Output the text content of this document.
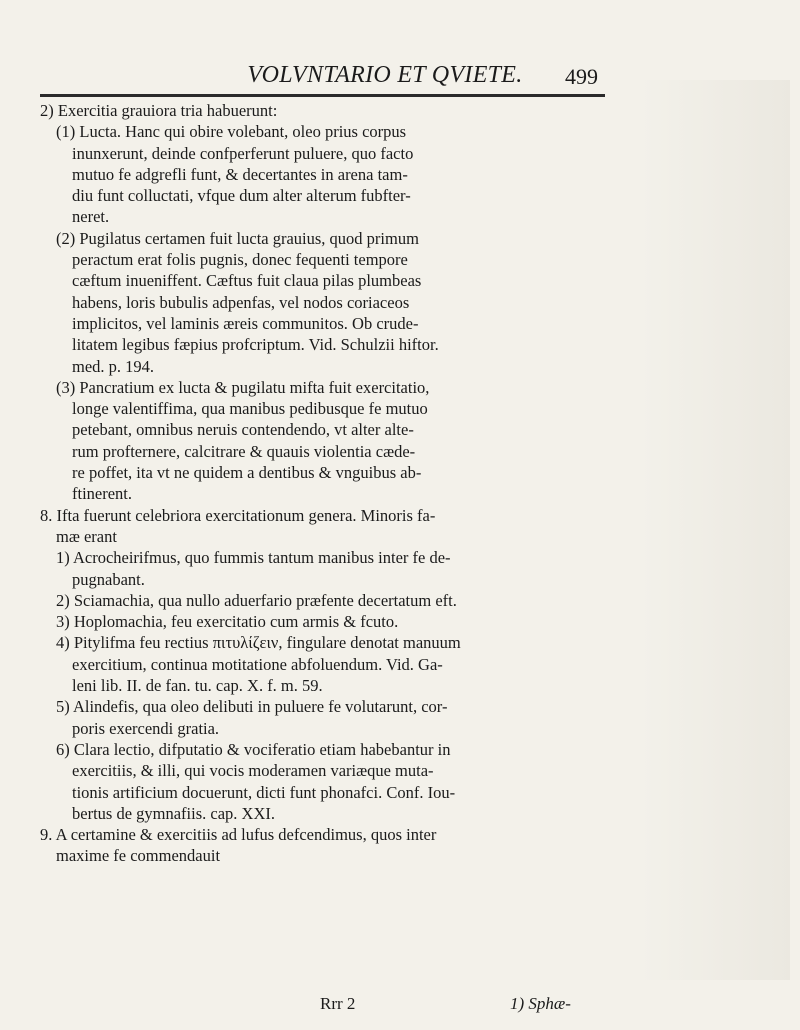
VOLVNTARIO ET QVIETE.	499
2) Exercitia grauiora tria habuerunt:
(1) Lucta. Hanc qui obire volebant, oleo prius corpus
inunxerunt, deinde confperferunt puluere, quo facto
mutuo fe adgrefli funt, & decertantes in arena tam-
diu funt colluctati, vfque dum alter alterum fubfter-
neret.
(2) Pugilatus certamen fuit lucta grauius, quod primum
peractum erat folis pugnis, donec fequenti tempore
cæftum inueniffent. Cæftus fuit claua pilas plumbeas
habens, loris bubulis adpenfas, vel nodos coriaceos
implicitos, vel laminis æreis communitos. Ob crude-
litatem legibus fæpius profcriptum. Vid. Schulzii hiftor.
med. p. 194.
(3) Pancratium ex lucta & pugilatu mifta fuit exercitatio,
longe valentiffima, qua manibus pedibusque fe mutuo
petebant, omnibus neruis contendendo, vt alter alte-
rum profternere, calcitrare & quauis violentia cæde-
re poffet, ita vt ne quidem a dentibus & vnguibus ab-
ftinerent.
8. Ifta fuerunt celebriora exercitationum genera. Minoris fa-
mæ erant
1) Acrocheirifmus, quo fummis tantum manibus inter fe de-
pugnabant.
2) Sciamachia, qua nullo aduerfario præfente decertatum eft.
3) Hoplomachia, feu exercitatio cum armis & fcuto.
4) Pitylifma feu rectius πιτυλίζειν, fingulare denotat manuum
exercitium, continua motitatione abfoluendum. Vid. Ga-
leni lib. II. de fan. tu. cap. X. f. m. 59.
5) Alindefis, qua oleo delibuti in puluere fe volutarunt, cor-
poris exercendi gratia.
6) Clara lectio, difputatio & vociferatio etiam habebantur in
exercitiis, & illi, qui vocis moderamen variæque muta-
tionis artificium docuerunt, dicti funt phonafci. Conf. Iou-
bertus de gymnafiis. cap. XXI.
9. A certamine & exercitiis ad lufus defcendimus, quos inter
maxime fe commendauit
Rrr 2	1) Sphæ-
